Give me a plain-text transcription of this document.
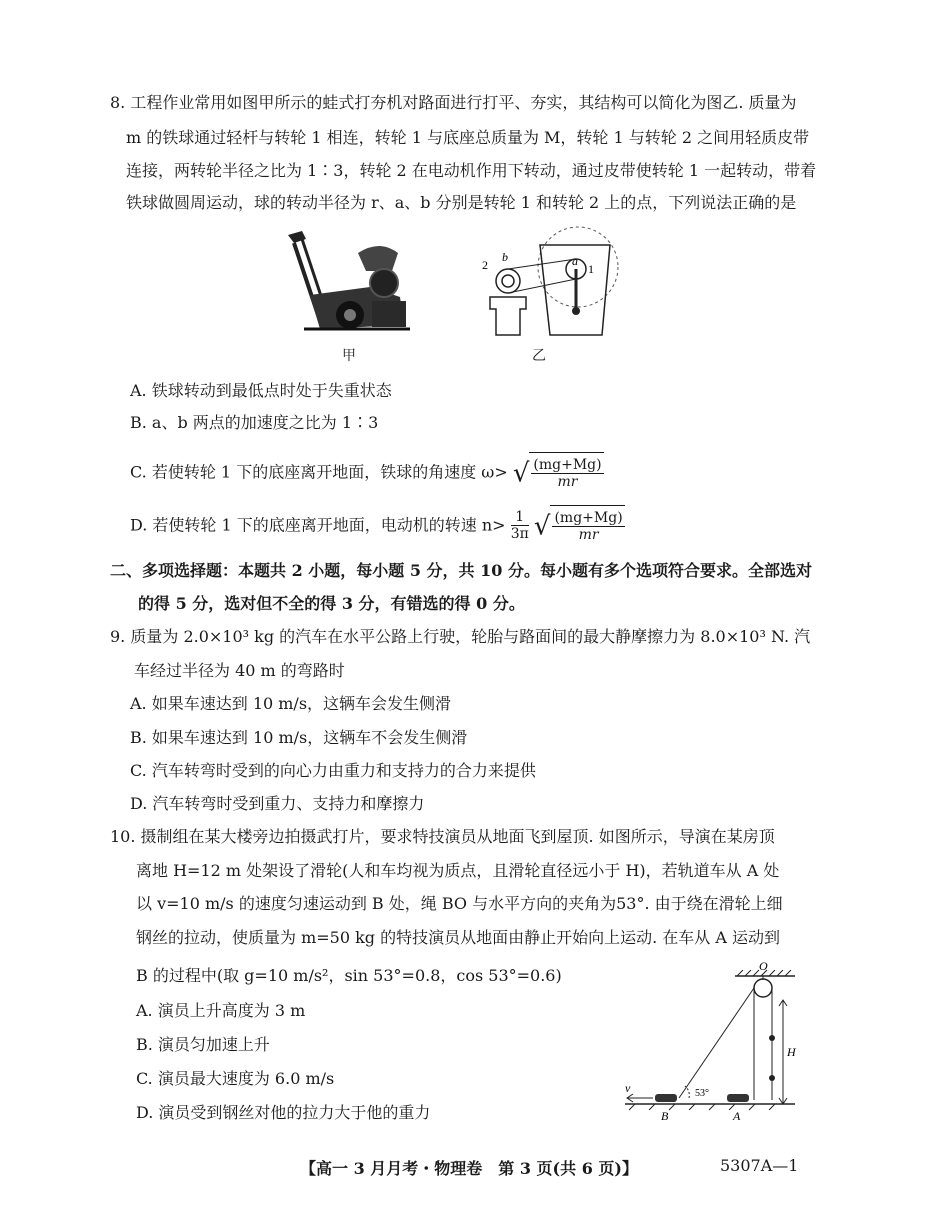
8. 工程作业常用如图甲所示的蛙式打夯机对路面进行打平、夯实，其结构可以简化为图乙. 质量为
m 的铁球通过轻杆与转轮 1 相连，转轮 1 与底座总质量为 M，转轮 1 与转轮 2 之间用轻质皮带
连接，两转轮半径之比为 1∶3，转轮 2 在电动机作用下转动，通过皮带使转轮 1 一起转动，带着
铁球做圆周运动，球的转动半径为 r、a、b 分别是转轮 1 和转轮 2 上的点，下列说法正确的是
甲
2
b	a
1
乙
A. 铁球转动到最低点时处于失重状态
B. a、b 两点的加速度之比为 1∶3
C. 若使转轮 1 下的底座离开地面，铁球的角速度 ω> √ $\frac{(mg+Mg)}{mr}$
D. 若使转轮 1 下的底座离开地面，电动机的转速 $n> \frac{1}{3\pi}$ √ $\frac{(mg+Mg)}{mr}$
二、多项选择题：本题共 2 小题，每小题 5 分，共 10 分。每小题有多个选项符合要求。全部选对
的得 5 分，选对但不全的得 3 分，有错选的得 0 分。
9. 质量为 2.0×10³ kg 的汽车在水平公路上行驶，轮胎与路面间的最大静摩擦力为 8.0×10³ N. 汽
车经过半径为 40 m 的弯路时
A. 如果车速达到 10 m/s，这辆车会发生侧滑
B. 如果车速达到 10 m/s，这辆车不会发生侧滑
C. 汽车转弯时受到的向心力由重力和支持力的合力来提供
D. 汽车转弯时受到重力、支持力和摩擦力
10. 摄制组在某大楼旁边拍摄武打片，要求特技演员从地面飞到屋顶. 如图所示，导演在某房顶
离地 H=12 m 处架设了滑轮(人和车均视为质点，且滑轮直径远小于 H)，若轨道车从 A 处
以 v=10 m/s 的速度匀速运动到 B 处，绳 BO 与水平方向的夹角为53°. 由于绕在滑轮上细
钢丝的拉动，使质量为 m=50 kg 的特技演员从地面由静止开始向上运动. 在车从 A 运动到
B 的过程中(取 g=10 m/s²，sin 53°=0.8，cos 53°=0.6)
A. 演员上升高度为 3 m
B. 演员匀加速上升
C. 演员最大速度为 6.0 m/s
D. 演员受到钢丝对他的拉力大于他的重力
H
O
v	53°
B	A
【高一 3 月月考・物理卷　第 3 页(共 6 页)】	5307A—1
